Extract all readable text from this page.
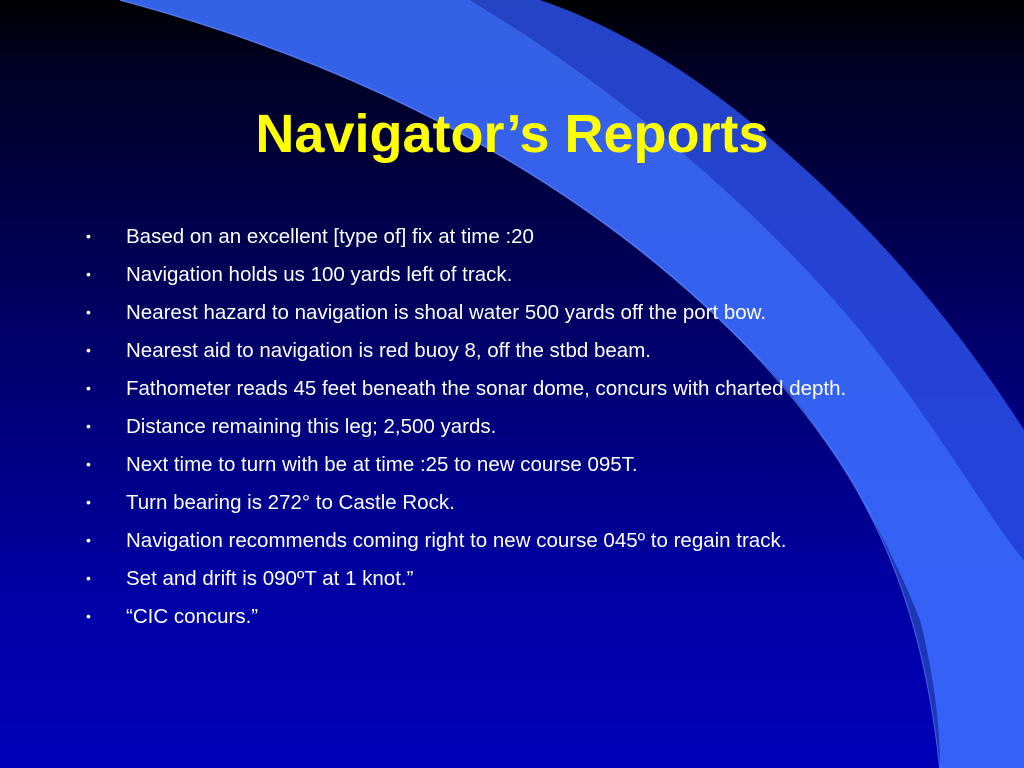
Navigator’s Reports
• Based on an excellent [type of] fix at time :20
• Navigation holds us 100 yards left of track.
• Nearest hazard to navigation is shoal water 500 yards off the port bow.
• Nearest aid to navigation is red buoy 8, off the stbd beam.
• Fathometer reads 45 feet beneath the sonar dome, concurs with charted depth.
• Distance remaining this leg; 2,500 yards.
• Next time to turn with be at time :25 to new course 095T.
• Turn bearing is 272° to Castle Rock.
• Navigation recommends coming right to new course 045º to regain track.
• Set and drift is 090ºT at 1 knot.”
• “CIC concurs.”
